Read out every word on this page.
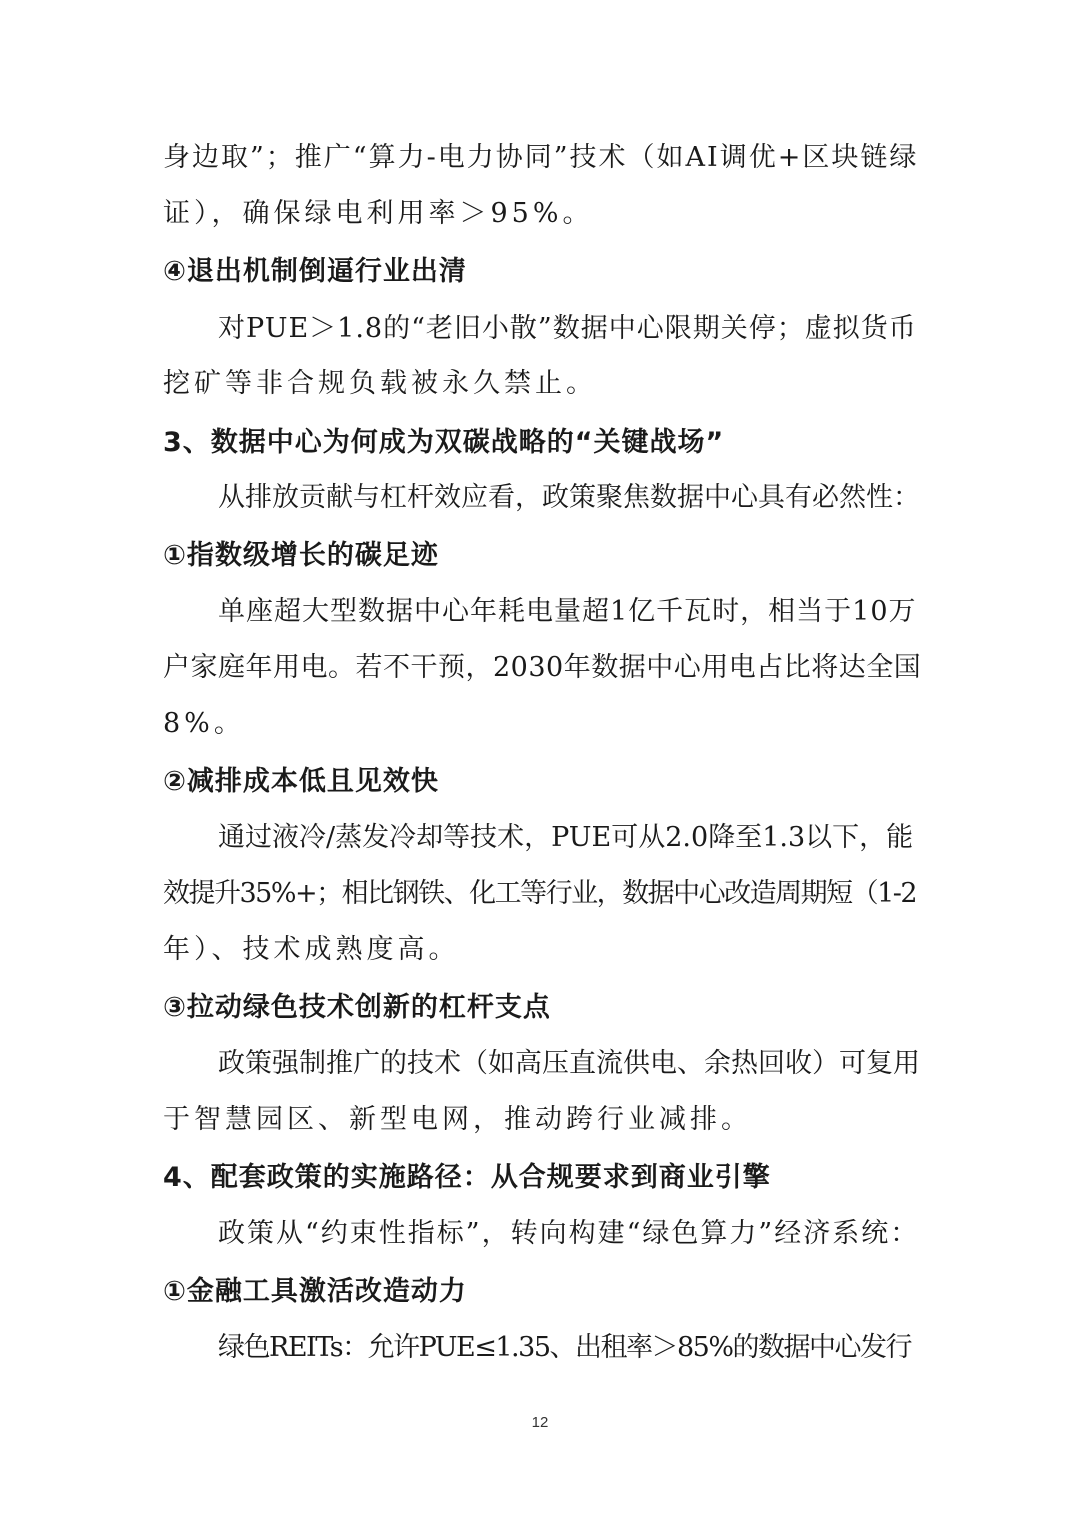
身边取”；推广“算力-电力协同”技术（如AI调优+区块链绿
证），确保绿电利用率＞95%。
④退出机制倒逼行业出清
对PUE＞1.8的“老旧小散”数据中心限期关停；虚拟货币
挖矿等非合规负载被永久禁止。
3、数据中心为何成为双碳战略的“关键战场”
从排放贡献与杠杆效应看，政策聚焦数据中心具有必然性：
①指数级增长的碳足迹
单座超大型数据中心年耗电量超1亿千瓦时，相当于10万
户家庭年用电。若不干预，2030年数据中心用电占比将达全国
8%。
②减排成本低且见效快
通过液冷/蒸发冷却等技术，PUE可从2.0降至1.3以下，能
效提升35%+；相比钢铁、化工等行业，数据中心改造周期短（1-2
年）、技术成熟度高。
③拉动绿色技术创新的杠杆支点
政策强制推广的技术（如高压直流供电、余热回收）可复用
于智慧园区、新型电网，推动跨行业减排。
4、配套政策的实施路径：从合规要求到商业引擎
政策从“约束性指标”，转向构建“绿色算力”经济系统：
①金融工具激活改造动力
绿色REITs：允许PUE≤1.35、出租率＞85%的数据中心发行
12
